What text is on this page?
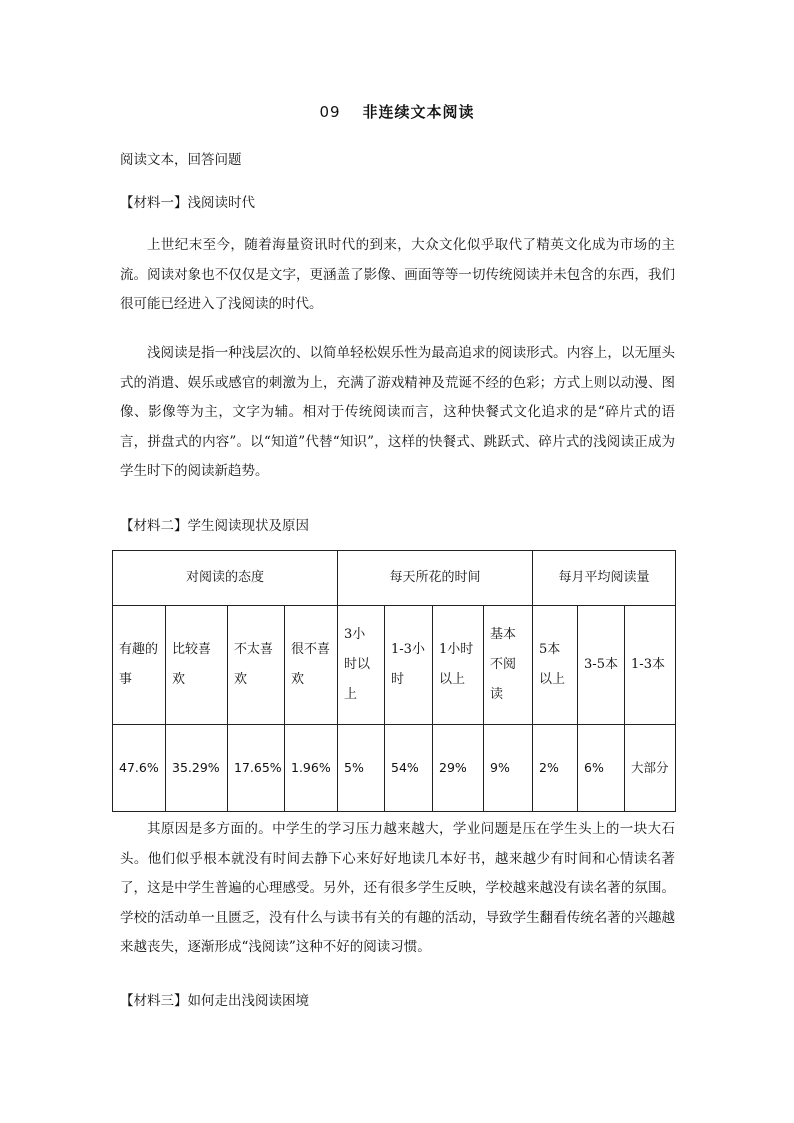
09 非连续文本阅读
阅读文本，回答问题
【材料一】浅阅读时代

上世纪末至今，随着海量资讯时代的到来，大众文化似乎取代了精英文化成为市场的主流。阅读对象也不仅仅是文字，更涵盖了影像、画面等等一切传统阅读并未包含的东西，我们很可能已经进入了浅阅读的时代。

浅阅读是指一种浅层次的、以简单轻松娱乐性为最高追求的阅读形式。内容上，以无厘头式的消遣、娱乐或感官的刺激为上，充满了游戏精神及荒诞不经的色彩；方式上则以动漫、图像、影像等为主，文字为辅。相对于传统阅读而言，这种快餐式文化追求的是“碎片式的语言，拼盘式的内容”。以“知道”代替“知识”，这样的快餐式、跳跃式、碎片式的浅阅读正成为学生时下的阅读新趋势。

【材料二】学生阅读现状及原因
对阅读的态度				每天所花的时间				每月平均阅读量		
有趣的事	比较喜欢	不太喜欢	很不喜欢	3小时以上	1-3小时	1小时以上	基本不阅读	5本以上	3-5本	1-3本
47.6%	35.29%	17.65%	1.96%	5%	54%	29%	9%	2%	6%	大部分

其原因是多方面的。中学生的学习压力越来越大，学业问题是压在学生头上的一块大石头。他们似乎根本就没有时间去静下心来好好地读几本好书，越来越少有时间和心情读名著了，这是中学生普遍的心理感受。另外，还有很多学生反映，学校越来越没有读名著的氛围。学校的活动单一且匮乏，没有什么与读书有关的有趣的活动，导致学生翻看传统名著的兴趣越来越丧失，逐渐形成“浅阅读”这种不好的阅读习惯。

【材料三】如何走出浅阅读困境
